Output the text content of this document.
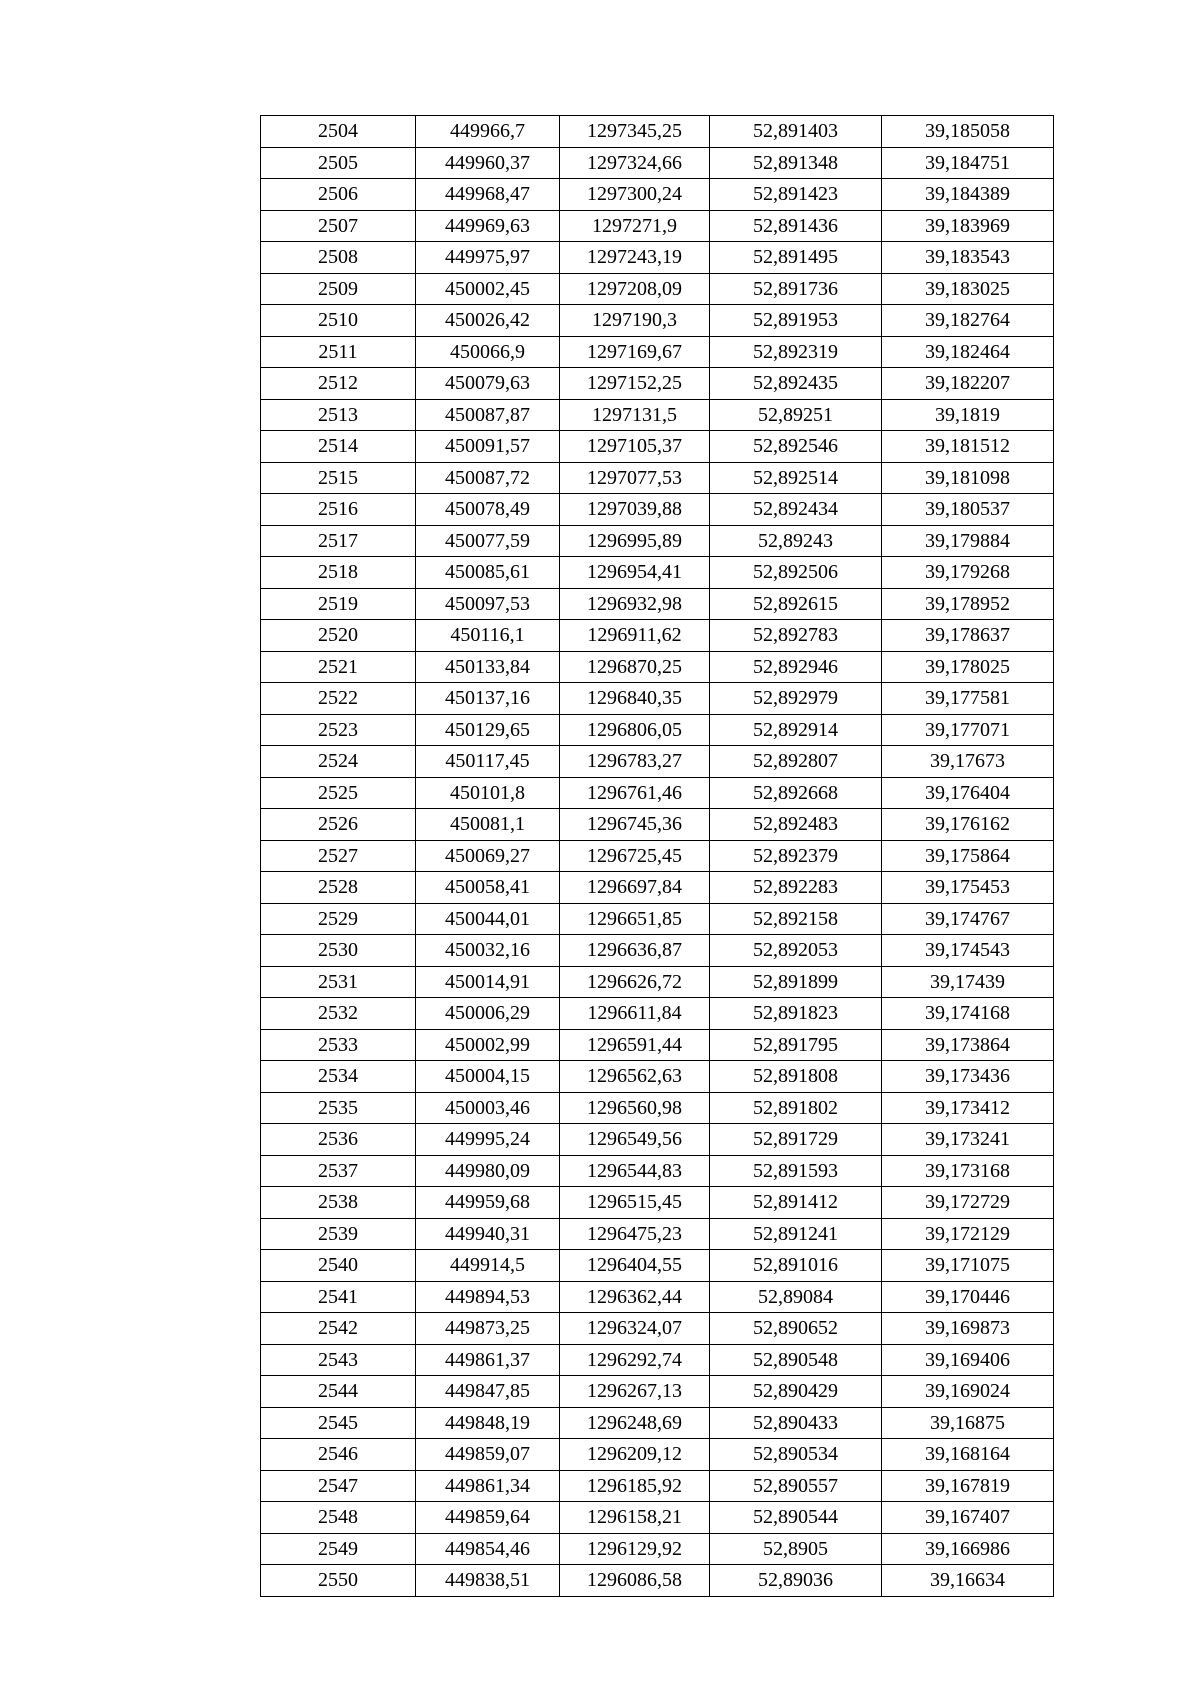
2504	449966,7	1297345,25	52,891403	39,185058
2505	449960,37	1297324,66	52,891348	39,184751
2506	449968,47	1297300,24	52,891423	39,184389
2507	449969,63	1297271,9	52,891436	39,183969
2508	449975,97	1297243,19	52,891495	39,183543
2509	450002,45	1297208,09	52,891736	39,183025
2510	450026,42	1297190,3	52,891953	39,182764
2511	450066,9	1297169,67	52,892319	39,182464
2512	450079,63	1297152,25	52,892435	39,182207
2513	450087,87	1297131,5	52,89251	39,1819
2514	450091,57	1297105,37	52,892546	39,181512
2515	450087,72	1297077,53	52,892514	39,181098
2516	450078,49	1297039,88	52,892434	39,180537
2517	450077,59	1296995,89	52,89243	39,179884
2518	450085,61	1296954,41	52,892506	39,179268
2519	450097,53	1296932,98	52,892615	39,178952
2520	450116,1	1296911,62	52,892783	39,178637
2521	450133,84	1296870,25	52,892946	39,178025
2522	450137,16	1296840,35	52,892979	39,177581
2523	450129,65	1296806,05	52,892914	39,177071
2524	450117,45	1296783,27	52,892807	39,17673
2525	450101,8	1296761,46	52,892668	39,176404
2526	450081,1	1296745,36	52,892483	39,176162
2527	450069,27	1296725,45	52,892379	39,175864
2528	450058,41	1296697,84	52,892283	39,175453
2529	450044,01	1296651,85	52,892158	39,174767
2530	450032,16	1296636,87	52,892053	39,174543
2531	450014,91	1296626,72	52,891899	39,17439
2532	450006,29	1296611,84	52,891823	39,174168
2533	450002,99	1296591,44	52,891795	39,173864
2534	450004,15	1296562,63	52,891808	39,173436
2535	450003,46	1296560,98	52,891802	39,173412
2536	449995,24	1296549,56	52,891729	39,173241
2537	449980,09	1296544,83	52,891593	39,173168
2538	449959,68	1296515,45	52,891412	39,172729
2539	449940,31	1296475,23	52,891241	39,172129
2540	449914,5	1296404,55	52,891016	39,171075
2541	449894,53	1296362,44	52,89084	39,170446
2542	449873,25	1296324,07	52,890652	39,169873
2543	449861,37	1296292,74	52,890548	39,169406
2544	449847,85	1296267,13	52,890429	39,169024
2545	449848,19	1296248,69	52,890433	39,16875
2546	449859,07	1296209,12	52,890534	39,168164
2547	449861,34	1296185,92	52,890557	39,167819
2548	449859,64	1296158,21	52,890544	39,167407
2549	449854,46	1296129,92	52,8905	39,166986
2550	449838,51	1296086,58	52,89036	39,16634
